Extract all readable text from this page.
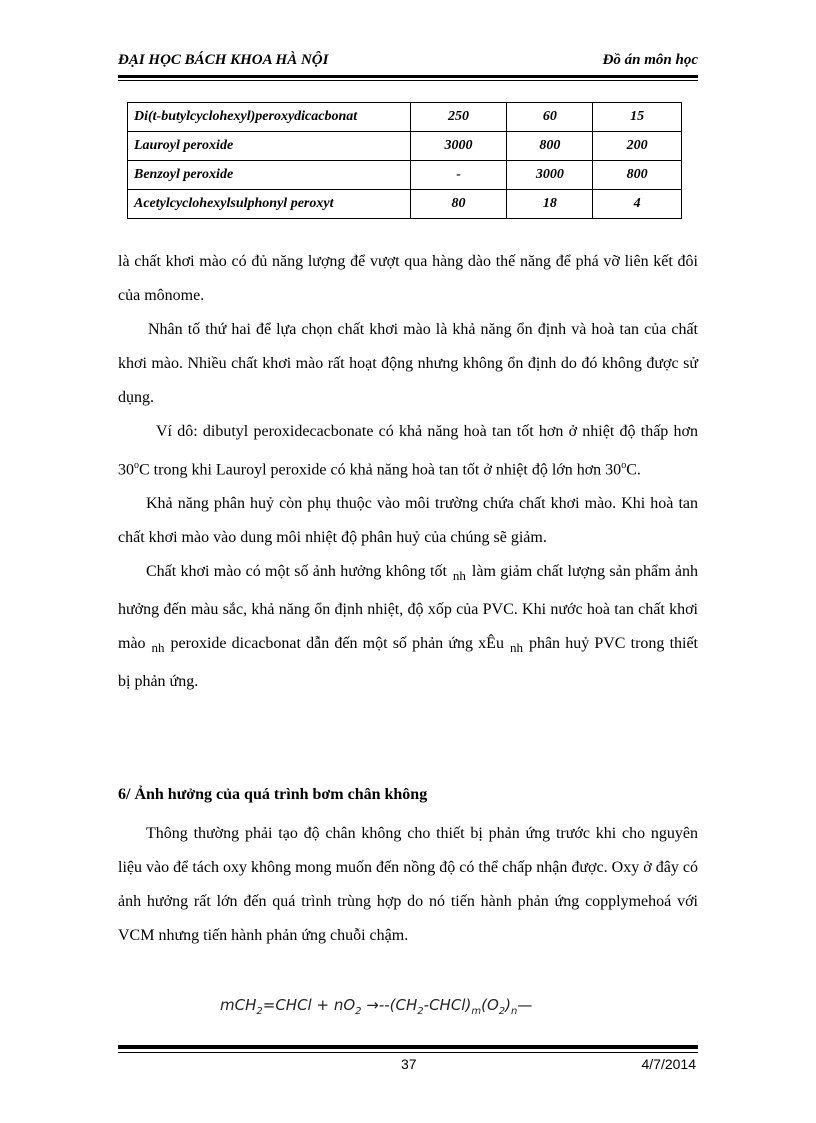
ĐẠI HỌC BÁCH KHOA HÀ NỘI	Đồ án môn học
Di(t-butylcyclohexyl)peroxydicacbonat	250	60	15
Lauroyl peroxide	3000	800	200
Benzoyl peroxide	-	3000	800
Acetylcyclohexylsulphonyl peroxyt	80	18	4

là chất khơi mào có đủ năng lượng để vượt qua hàng dào thế năng để phá vỡ liên kết đôi của mônome.

Nhân tố thứ hai để lựa chọn chất khơi mào là khả năng ổn định và hoà tan của chất khơi mào. Nhiều chất khơi mào rất hoạt động nhưng không ổn định do đó không được sử dụng.

Ví dô: dibutyl peroxidecacbonate có khả năng hoà tan tốt hơn ở nhiệt độ thấp hơn 30$^o$C trong khi Lauroyl peroxide có khả năng hoà tan tốt ở nhiệt độ lớn hơn 30$^o$C.

Khả năng phân huỷ còn phụ thuộc vào môi trường chứa chất khơi mào. Khi hoà tan chất khơi mào vào dung môi nhiệt độ phân huỷ của chúng sẽ giảm.

Chất khơi mào có một số ảnh hưởng không tốt $_{nh}$ làm giảm chất lượng sản phẩm ảnh hưởng đến màu sắc, khả năng ổn định nhiệt, độ xốp của PVC. Khi nước hoà tan chất khơi mào $_{nh}$ peroxide dicacbonat dẫn đến một số phản ứng xÊu $_{nh}$ phân huỷ PVC trong thiết bị phản ứng.

6/ Ảnh hưởng của quá trình bơm chân không

Thông thường phải tạo độ chân không cho thiết bị phản ứng trước khi cho nguyên liệu vào để tách oxy không mong muốn đến nồng độ có thể chấp nhận được. Oxy ở đây có ảnh hưởng rất lớn đến quá trình trùng hợp do nó tiến hành phản ứng copplymehoá với VCM nhưng tiến hành phản ứng chuỗi chậm.

mCH$_2$=CHCl + $nO_2$ $\to--(CH_2-CHCl)_m(O_2)_n—$
37	4/7/2014
